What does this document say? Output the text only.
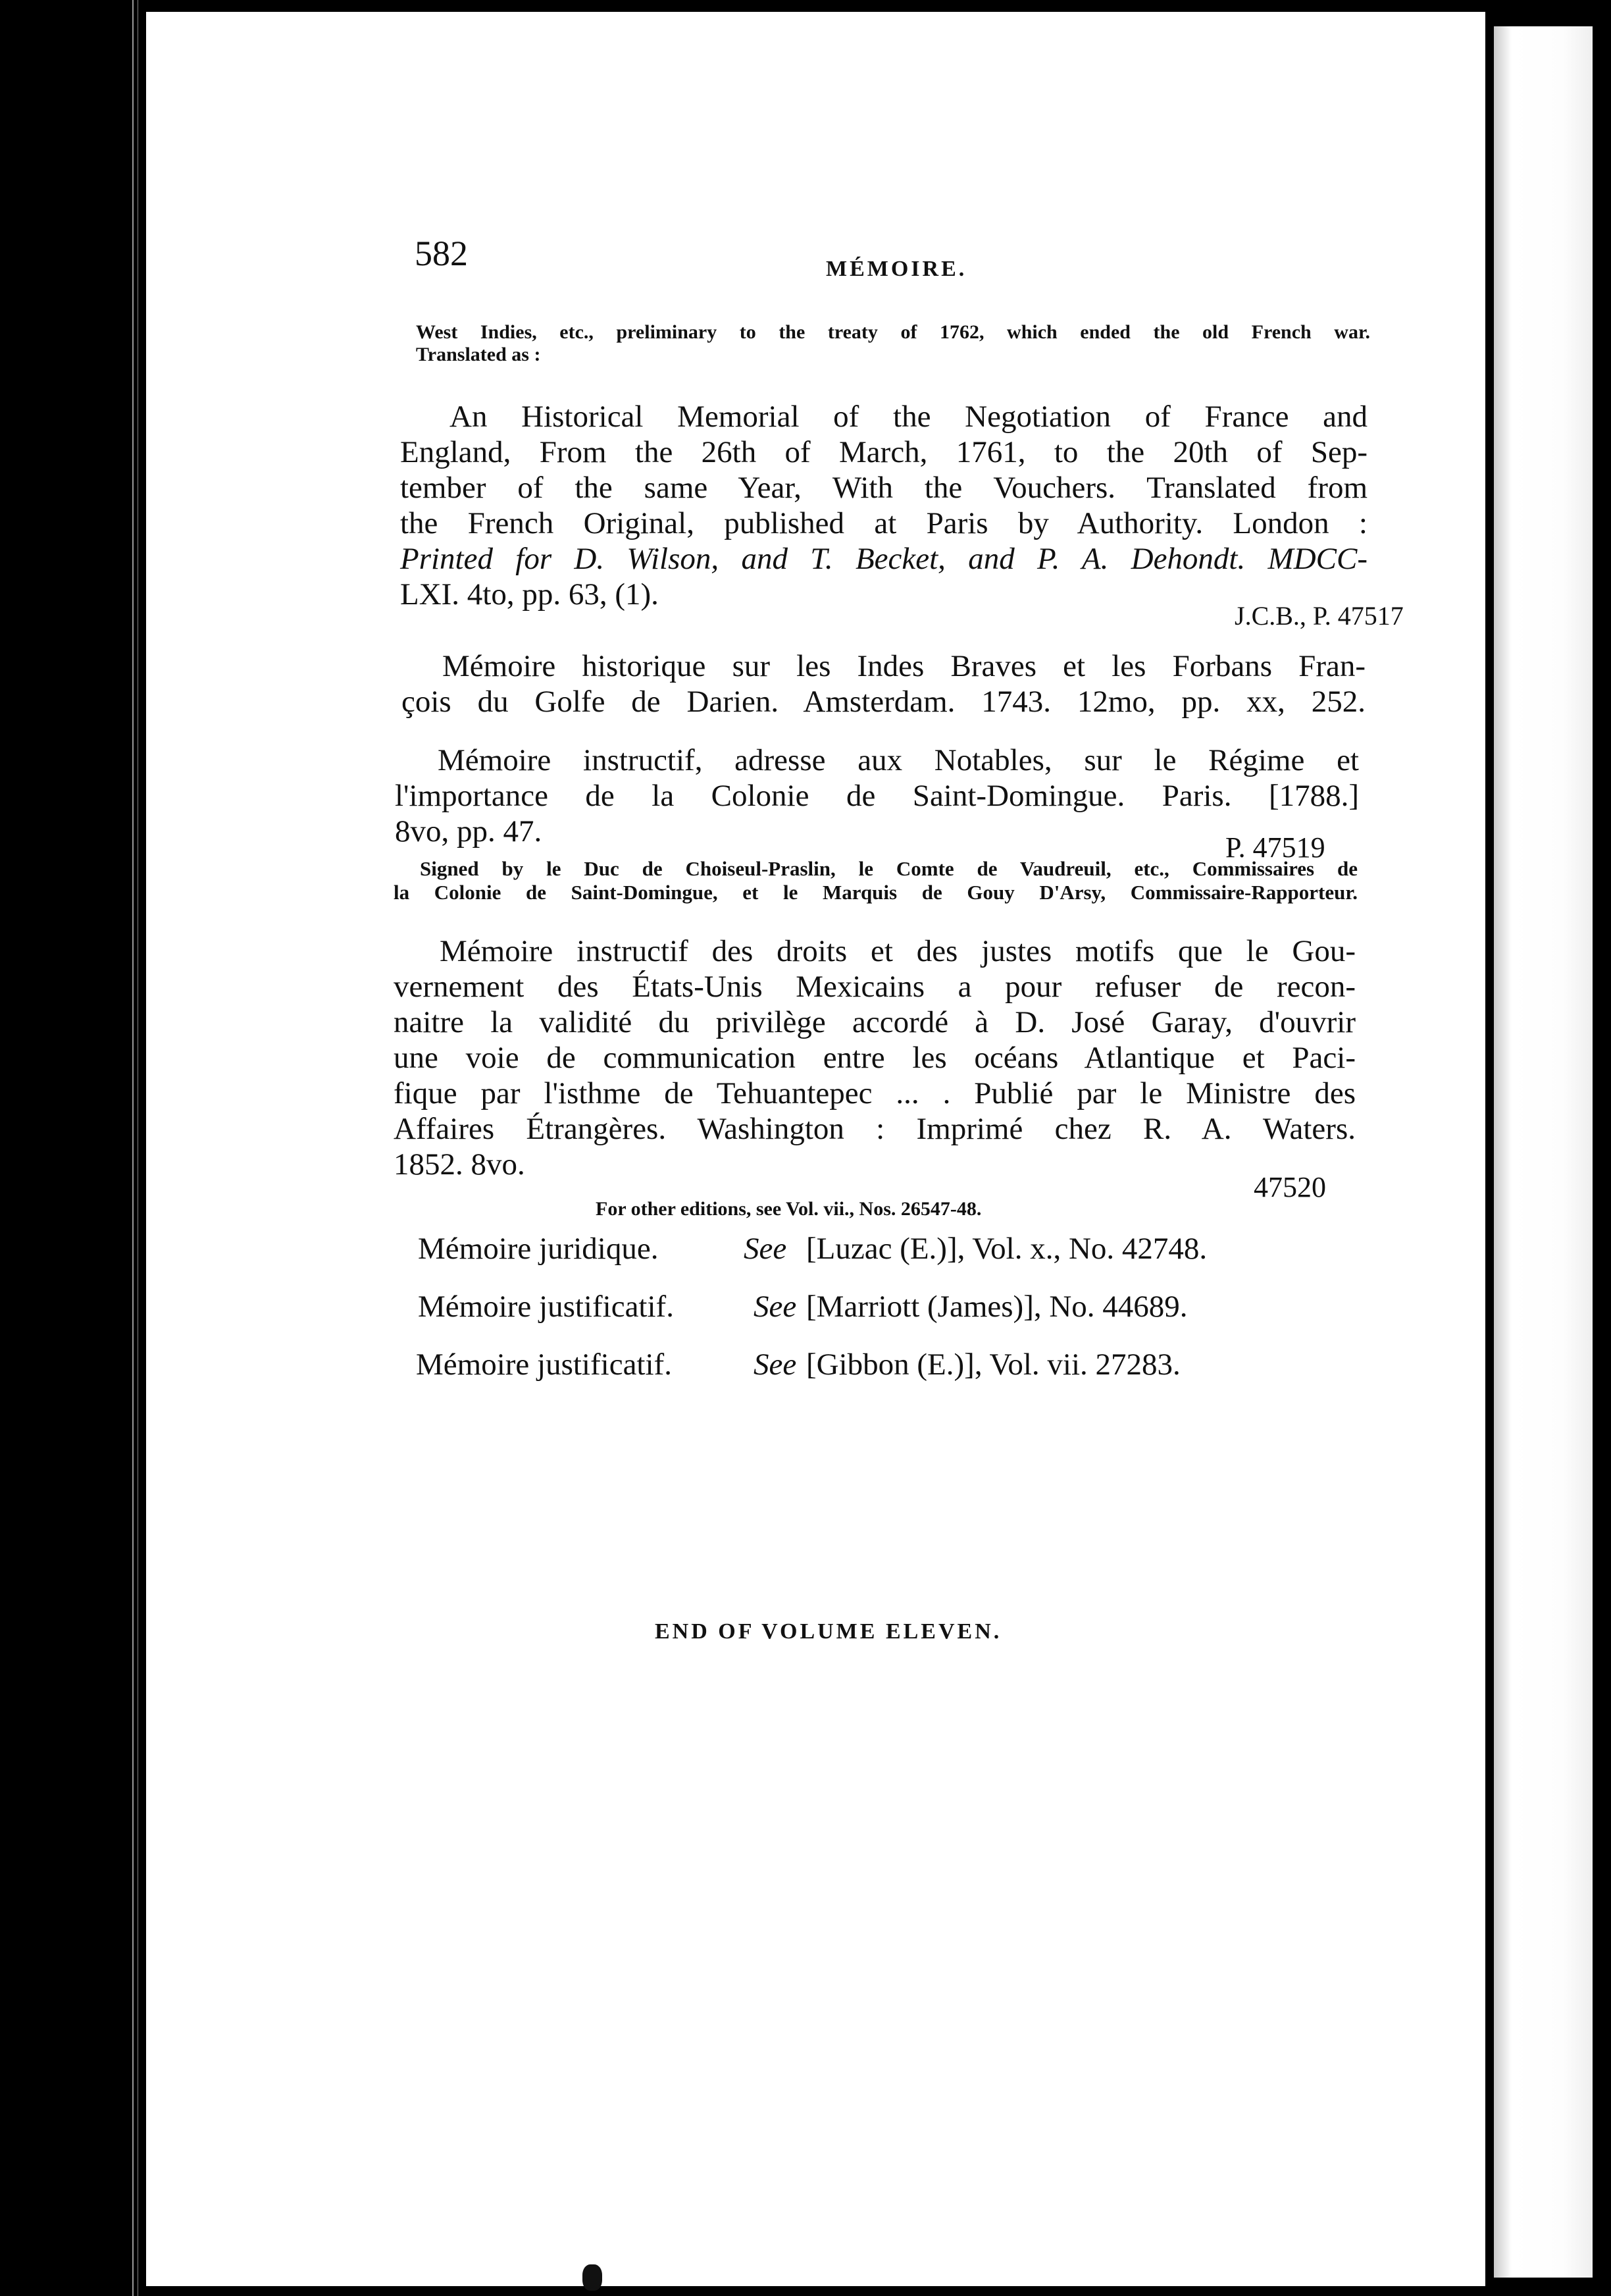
582	MÉMOIRE.
West Indies, etc., preliminary to the treaty of 1762, which ended the old French war.
Translated as :
An Historical Memorial of the Negotiation of France and
England, From the 26th of March, 1761, to the 20th of Sep-
tember of the same Year, With the Vouchers. Translated from
the French Original, published at Paris by Authority. London :
Printed for D. Wilson, and T. Becket, and P. A. Dehondt. MDCC-
LXI. 4to, pp. 63, (1).
J.C.B., P. 47517
Mémoire historique sur les Indes Braves et les Forbans Fran-
çois du Golfe de Darien. Amsterdam. 1743. 12mo, pp. xx, 252.
Mémoire instructif, adresse aux Notables, sur le Régime et
l'importance de la Colonie de Saint-Domingue. Paris. [1788.]
8vo, pp. 47.	P. 47519
Signed by le Duc de Choiseul-Praslin, le Comte de Vaudreuil, etc., Commissaires de
la Colonie de Saint-Domingue, et le Marquis de Gouy D'Arsy, Commissaire-Rapporteur.
Mémoire instructif des droits et des justes motifs que le Gou-
vernement des États-Unis Mexicains a pour refuser de recon-
naitre la validité du privilège accordé à D. José Garay, d'ouvrir
une voie de communication entre les océans Atlantique et Paci-
fique par l'isthme de Tehuantepec ... . Publié par le Ministre des
Affaires Étrangères. Washington : Imprimé chez R. A. Waters.
1852. 8vo.
47520
For other editions, see Vol. vii., Nos. 26547-48.
Mémoire juridique.	See [Luzac (E.)], Vol. x., No. 42748.
Mémoire justificatif.	See [Marriott (James)], No. 44689.
Mémoire justificatif.	See [Gibbon (E.)], Vol. vii. 27283.
END OF VOLUME ELEVEN.
